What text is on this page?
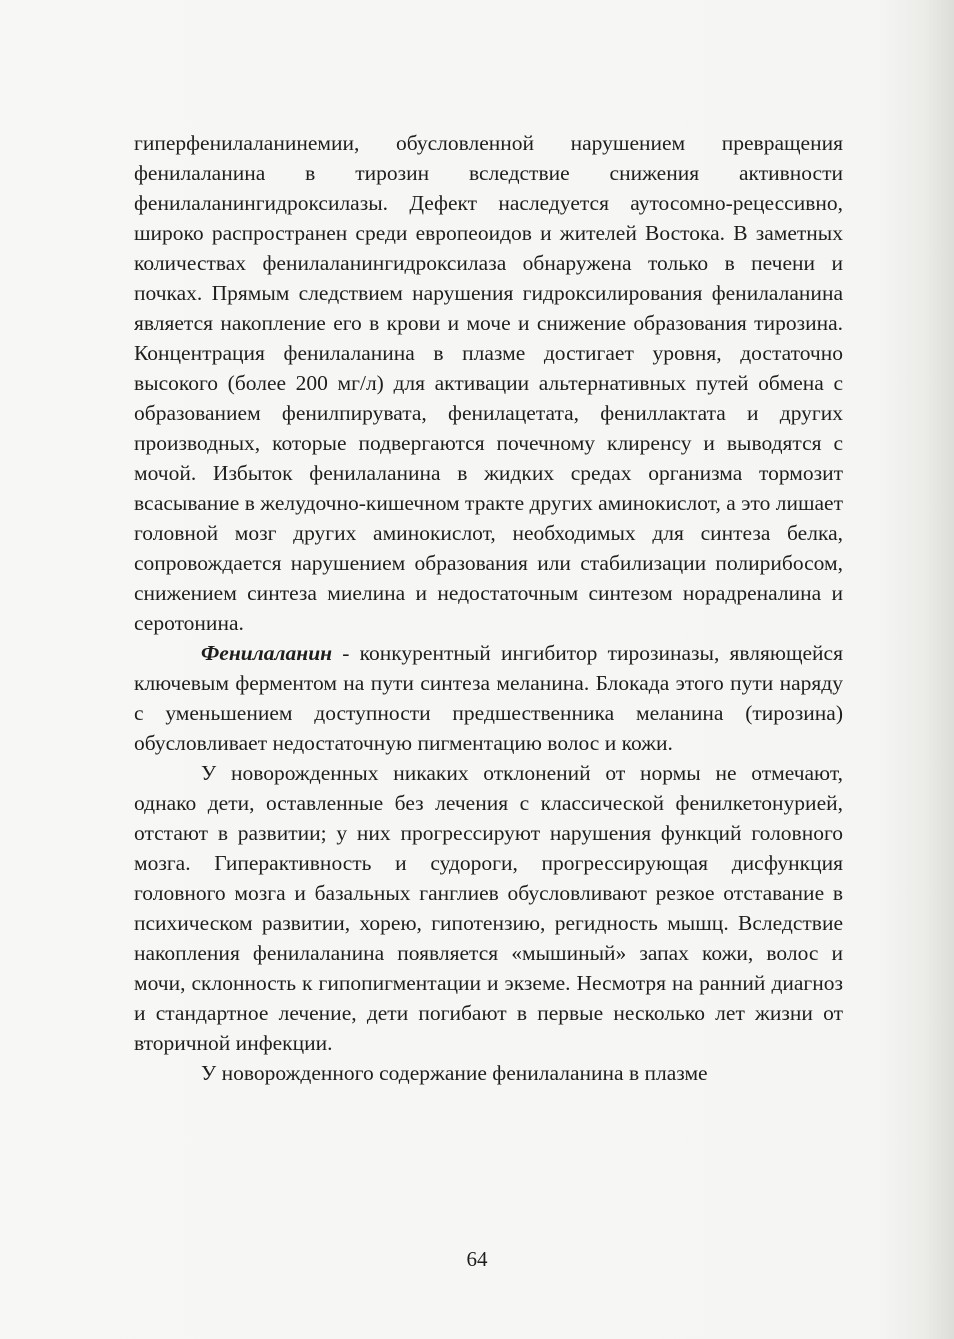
гиперфенилаланинемии, обусловленной нарушением превращения фенилаланина в тирозин вследствие снижения активности фенилаланингидроксилазы. Дефект наследуется аутосомно-рецессивно, широко распространен среди европеоидов и жителей Востока. В заметных количествах фенилаланингидроксилаза обнаружена только в печени и почках. Прямым следствием нарушения гидроксилирования фенилаланина является накопление его в крови и моче и снижение образования тирозина. Концентрация фенилаланина в плазме достигает уровня, достаточно высокого (более 200 мг/л) для активации альтернативных путей обмена с образованием фенилпирувата, фенилацетата, фениллактата и других производных, которые подвергаются почечному клиренсу и выводятся с мочой. Избыток фенилаланина в жидких средах организма тормозит всасывание в желудочно-кишечном тракте других аминокислот, а это лишает головной мозг других аминокислот, необходимых для синтеза белка, сопровождается нарушением образования или стабилизации полирибосом, снижением синтеза миелина и недостаточным синтезом норадреналина и серотонина.

Фенилаланин - конкурентный ингибитор тирозиназы, являющейся ключевым ферментом на пути синтеза меланина. Блокада этого пути наряду с уменьшением доступности предшественника меланина (тирозина) обусловливает недостаточную пигментацию волос и кожи.

У новорожденных никаких отклонений от нормы не отмечают, однако дети, оставленные без лечения с классической фенилкетонурией, отстают в развитии; у них прогрессируют нарушения функций головного мозга. Гиперактивность и судороги, прогрессирующая дисфункция головного мозга и базальных ганглиев обусловливают резкое отставание в психическом развитии, хорею, гипотензию, регидность мышц. Вследствие накопления фенилаланина появляется «мышиный» запах кожи, волос и мочи, склонность к гипопигментации и экземе. Несмотря на ранний диагноз и стандартное лечение, дети погибают в первые несколько лет жизни от вторичной инфекции.

У новорожденного содержание фенилаланина в плазме

64
